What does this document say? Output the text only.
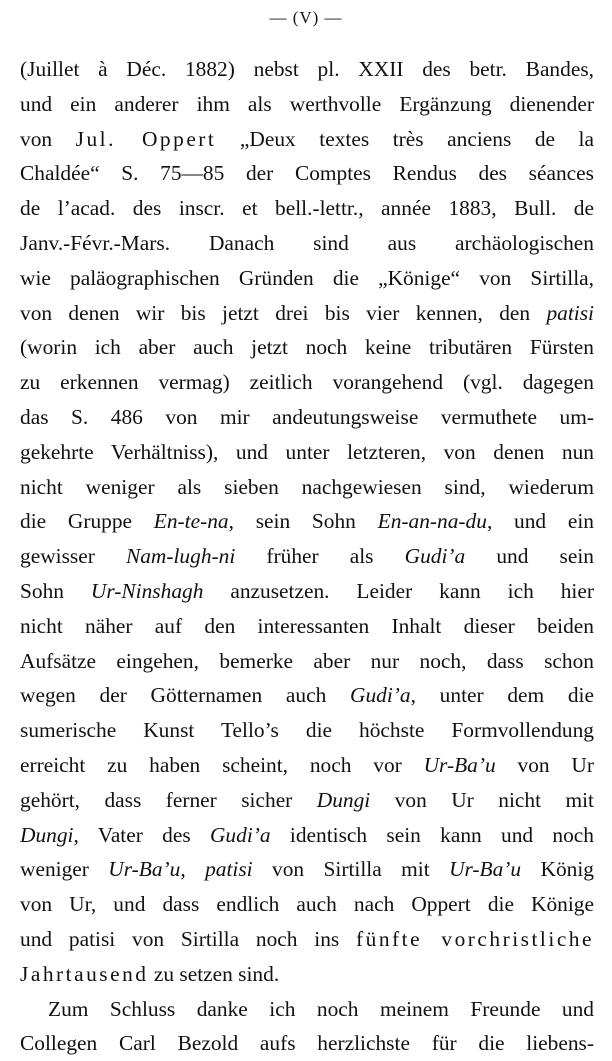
— (V) —
(Juillet à Déc. 1882) nebst pl. XXII des betr. Bandes,
und ein anderer ihm als werthvolle Ergänzung dienender
von Jul. Oppert „Deux textes très anciens de la
Chaldée“ S. 75—85 der Comptes Rendus des séances
de l’acad. des inscr. et bell.-lettr., année 1883, Bull. de
Janv.-Févr.-Mars. Danach sind aus archäologischen
wie paläographischen Gründen die „Könige“ von Sirtilla,
von denen wir bis jetzt drei bis vier kennen, den patisi
(worin ich aber auch jetzt noch keine tributären Fürsten
zu erkennen vermag) zeitlich vorangehend (vgl. dagegen
das S. 486 von mir andeutungsweise vermuthete um-
gekehrte Verhältniss), und unter letzteren, von denen nun
nicht weniger als sieben nachgewiesen sind, wiederum
die Gruppe En-te-na, sein Sohn En-an-na-du, und ein
gewisser Nam-lugh-ni früher als Gudi’a und sein
Sohn Ur-Ninshagh anzusetzen. Leider kann ich hier
nicht näher auf den interessanten Inhalt dieser beiden
Aufsätze eingehen, bemerke aber nur noch, dass schon
wegen der Götternamen auch Gudi’a, unter dem die
sumerische Kunst Tello’s die höchste Formvollendung
erreicht zu haben scheint, noch vor Ur-Ba’u von Ur
gehört, dass ferner sicher Dungi von Ur nicht mit
Dungi, Vater des Gudi’a identisch sein kann und noch
weniger Ur-Ba’u, patisi von Sirtilla mit Ur-Ba’u König
von Ur, und dass endlich auch nach Oppert die Könige
und patisi von Sirtilla noch ins fünfte vorchristliche
Jahrtausend zu setzen sind.
Zum Schluss danke ich noch meinem Freunde und
Collegen Carl Bezold aufs herzlichste für die liebens-
